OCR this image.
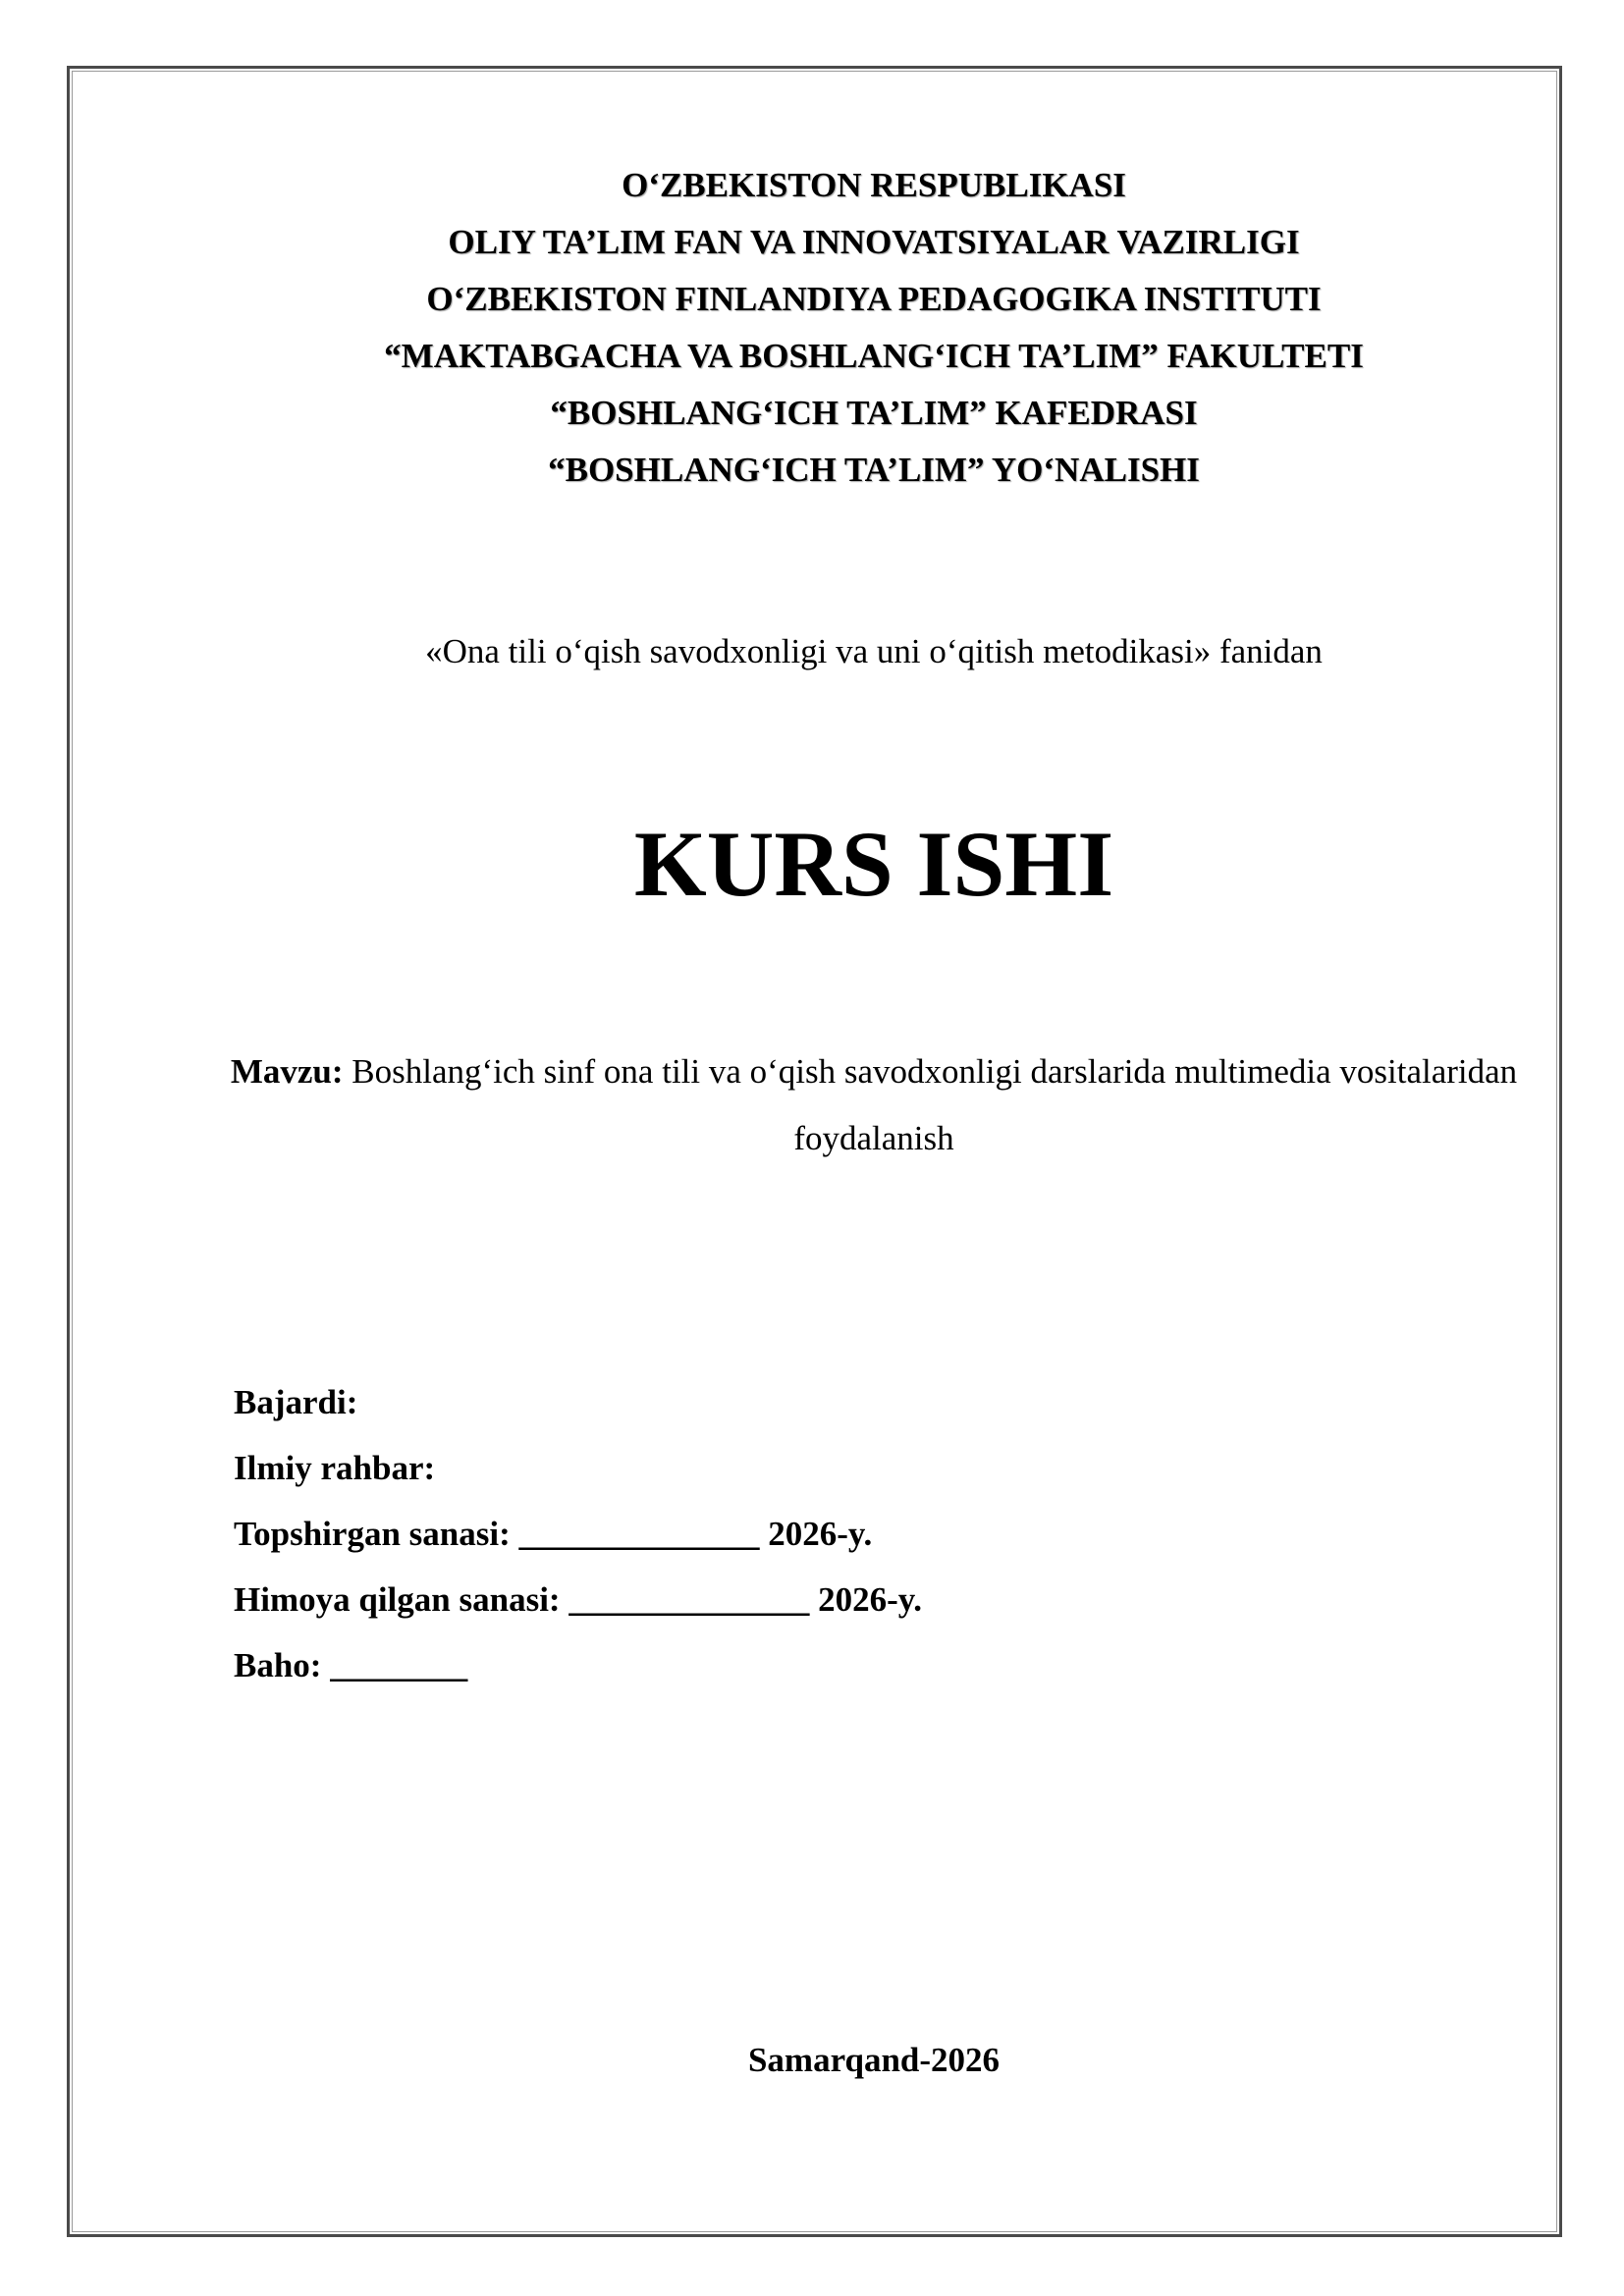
O‘ZBEKISTON RESPUBLIKASI
OLIY TA’LIM FAN VA INNOVATSIYALAR VAZIRLIGI
O‘ZBEKISTON FINLANDIYA PEDAGOGIKA INSTITUTI
“MAKTABGACHA VA BOSHLANG‘ICH TA’LIM” FAKULTETI
“BOSHLANG‘ICH TA’LIM” KAFEDRASI
“BOSHLANG‘ICH TA’LIM” YO‘NALISHI
«Ona tili o‘qish savodxonligi va uni o‘qitish metodikasi» fanidan
KURS ISHI
Mavzu: Boshlang‘ich sinf ona tili va o‘qish savodxonligi darslarida multimedia vositalaridan foydalanish
Bajardi:
Ilmiy rahbar:
Topshirgan sanasi: ______________ 2026-y.
Himoya qilgan sanasi: ______________ 2026-y.
Baho: ________
Samarqand-2026
